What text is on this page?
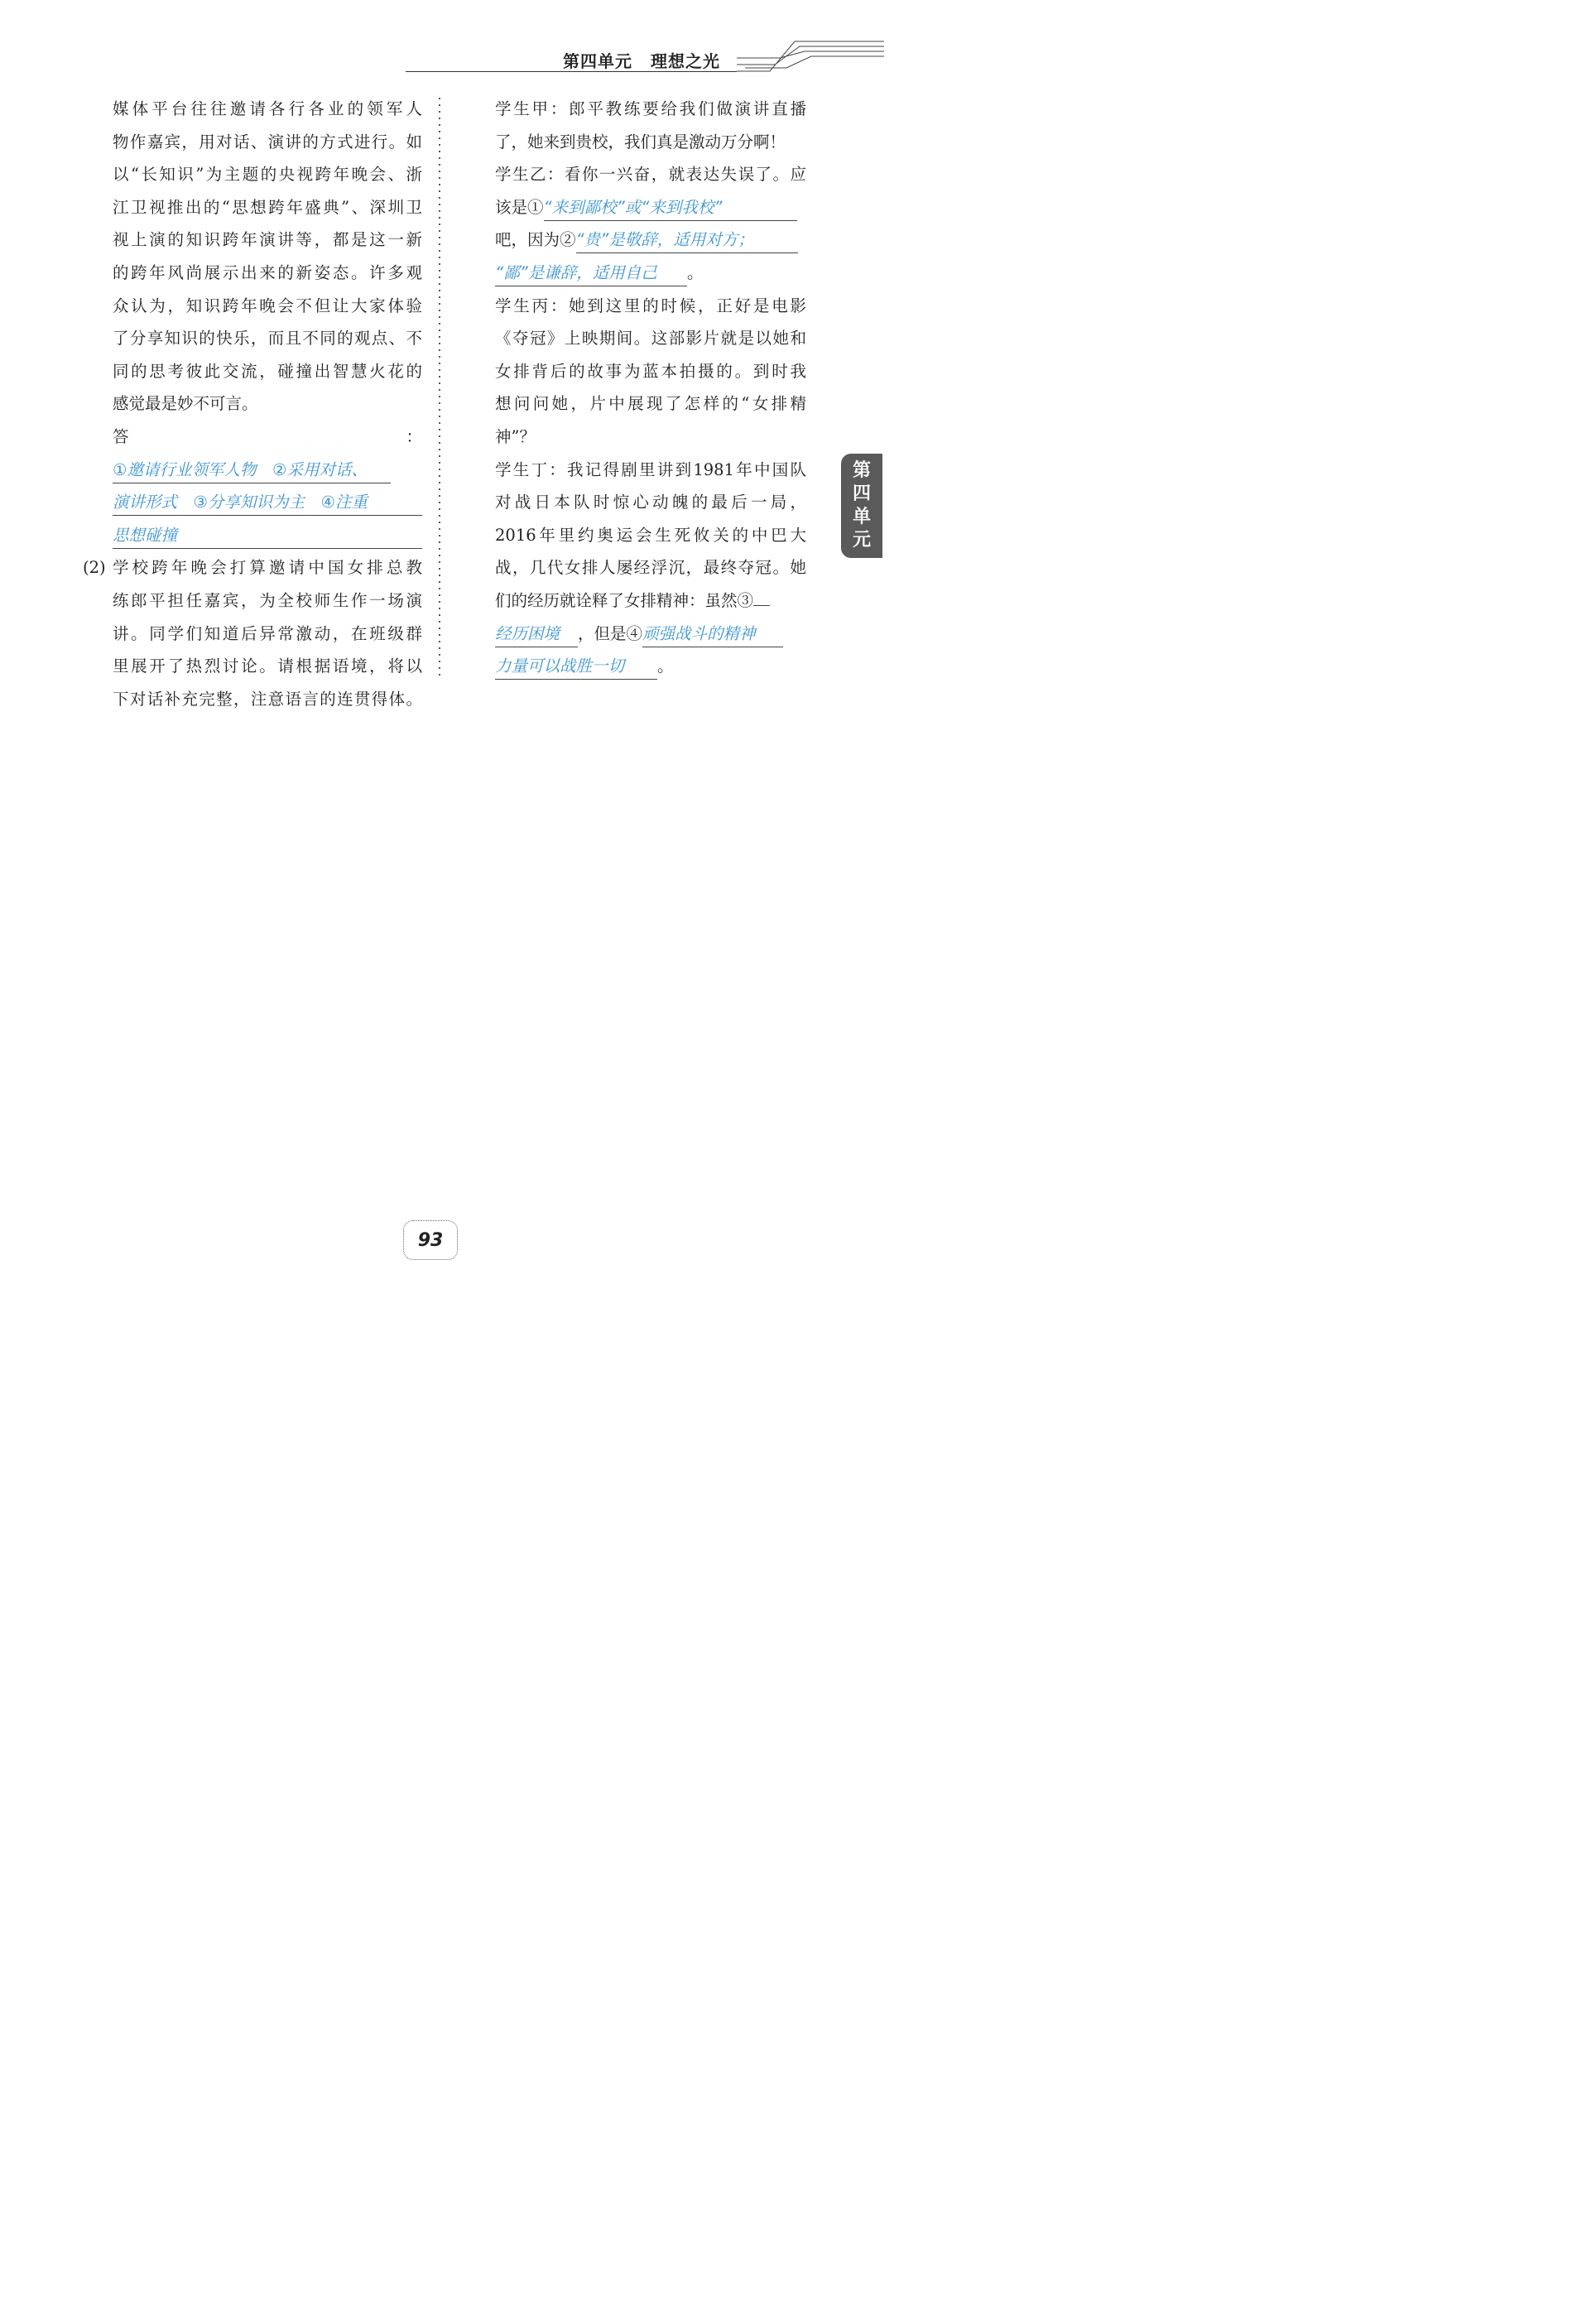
第四单元 理想之光

媒体平台往往邀请各行各业的领军人

物作嘉宾，用对话、演讲的方式进行。如

以“长知识”为主题的央视跨年晚会、浙

江卫视推出的“思想跨年盛典”、深圳卫

视上演的知识跨年演讲等，都是这一新

的跨年风尚展示出来的新姿态。许多观

众认为，知识跨年晚会不但让大家体验

了分享知识的快乐，而且不同的观点、不

同的思考彼此交流，碰撞出智慧火花的

感觉最是妙不可言。

答：①邀请行业领军人物　②采用对话、

演讲形式　③分享知识为主　④注重

思想碰撞

(2) 学校跨年晚会打算邀请中国女排总教

练郎平担任嘉宾，为全校师生作一场演

讲。同学们知道后异常激动，在班级群

里展开了热烈讨论。请根据语境，将以

下对话补充完整，注意语言的连贯得体。

学生甲：郎平教练要给我们做演讲直播

了，她来到贵校，我们真是激动万分啊！

学生乙：看你一兴奋，就表达失误了。应

该是①“来到鄙校”或“来到我校”

吧，因为②“贵”是敬辞，适用对方；

“鄙”是谦辞，适用自己 。

学生丙：她到这里的时候，正好是电影

《夺冠》上映期间。这部影片就是以她和

女排背后的故事为蓝本拍摄的。到时我

想问问她，片中展现了怎样的“女排精

神”？

学生丁：我记得剧里讲到1981年中国队

对战日本队时惊心动魄的最后一局，

2016年里约奥运会生死攸关的中巴大

战，几代女排人屡经浮沉，最终夺冠。她

们的经历就诠释了女排精神：虽然③

经历困境 ，但是④顽强战斗的精神

力量可以战胜一切 。

第
四
单
元
93
